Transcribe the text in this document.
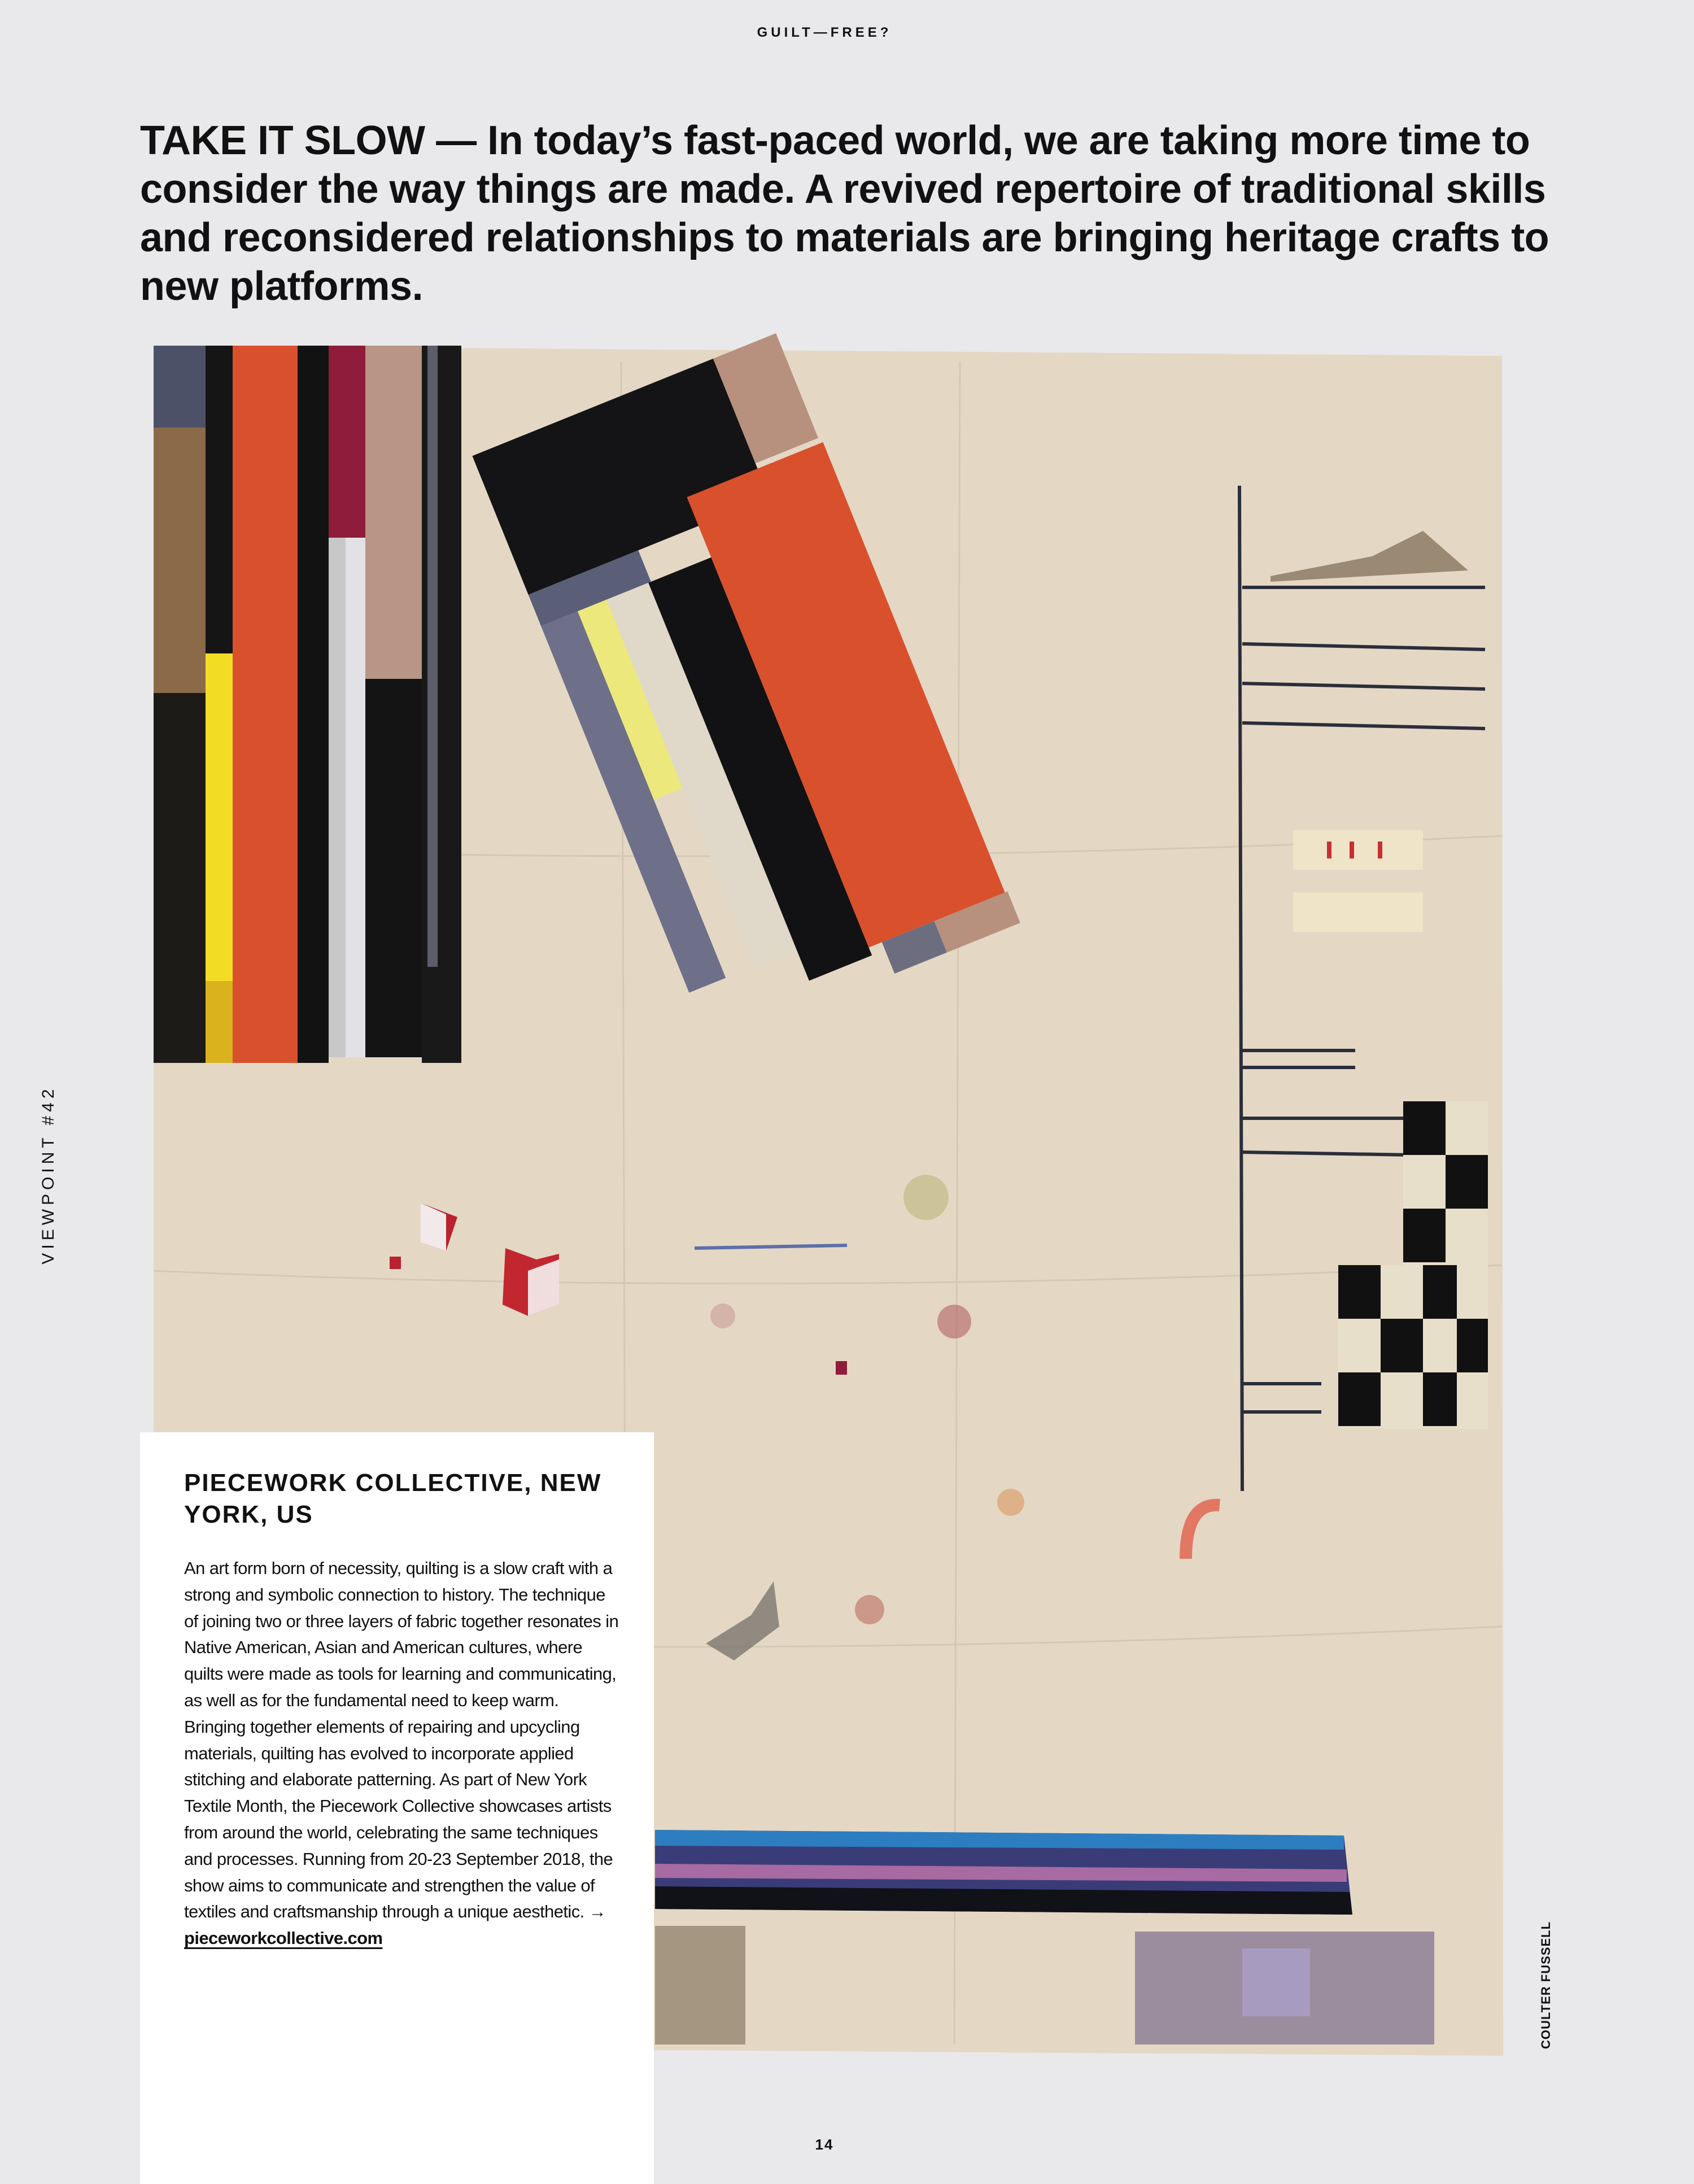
GUILT—FREE?
TAKE IT SLOW — In today’s fast-paced world, we are taking more time to consider the way things are made. A revived repertoire of traditional skills and reconsidered relationships to materials are bringing heritage crafts to new platforms.
VIEWPOINT #42
COULTER FUSSELL
PIECEWORK COLLECTIVE, NEW YORK, US

An art form born of necessity, quilting is a slow craft with a strong and symbolic connection to history. The technique of joining two or three layers of fabric together resonates in Native American, Asian and American cultures, where quilts were made as tools for learning and communicating, as well as for the fundamental need to keep warm. Bringing together elements of repairing and upcycling materials, quilting has evolved to incorporate applied stitching and elaborate patterning. As part of New York Textile Month, the Piecework Collective showcases artists from around the world, celebrating the same techniques and processes. Running from 20-23 September 2018, the show aims to communicate and strengthen the value of textiles and craftsmanship through a unique aesthetic. → pieceworkcollective.com

14
